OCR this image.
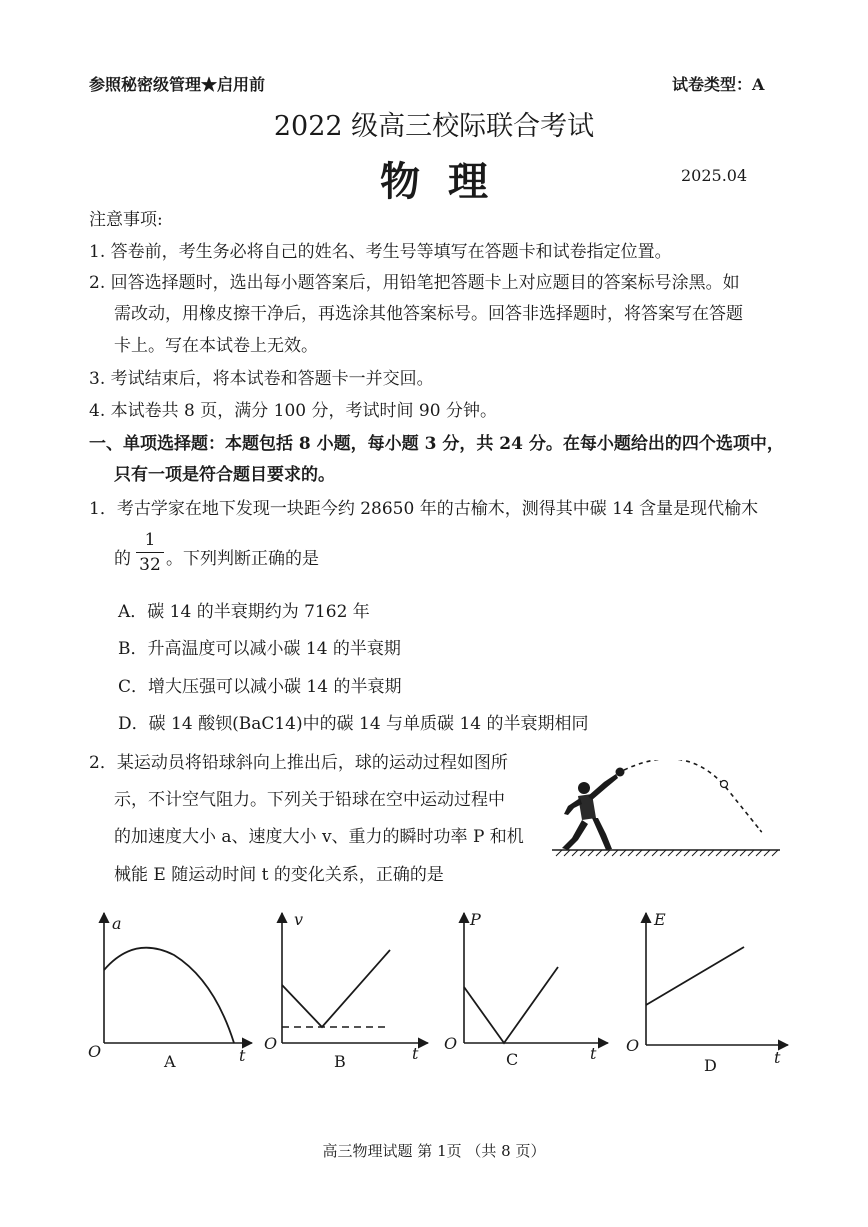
参照秘密级管理★启用前	试卷类型：A
2022 级高三校际联合考试
物理	2025.04
注意事项:
1. 答卷前，考生务必将自己的姓名、考生号等填写在答题卡和试卷指定位置。
2. 回答选择题时，选出每小题答案后，用铅笔把答题卡上对应题目的答案标号涂黑。如
需改动，用橡皮擦干净后，再选涂其他答案标号。回答非选择题时，将答案写在答题
卡上。写在本试卷上无效。
3. 考试结束后，将本试卷和答题卡一并交回。
4. 本试卷共 8 页，满分 100 分，考试时间 90 分钟。
一、单项选择题：本题包括 8 小题，每小题 3 分，共 24 分。在每小题给出的四个选项中，
只有一项是符合题目要求的。
1．考古学家在地下发现一块距今约 28650 年的古榆木，测得其中碳 14 含量是现代榆木
的
1
32 。下列判断正确的是
A．碳 14 的半衰期约为 7162 年
B．升高温度可以减小碳 14 的半衰期
C．增大压强可以减小碳 14 的半衰期
D．碳 14 酸钡(BaC14)中的碳 14 与单质碳 14 的半衰期相同
2．某运动员将铅球斜向上推出后，球的运动过程如图所
示，不计空气阻力。下列关于铅球在空中运动过程中
的加速度大小 a、速度大小 v、重力的瞬时功率 P 和机
械能 E 随运动时间 t 的变化关系，正确的是
a
t
O
A
v
t
O
B
P
t
O
C
E
t
O
D
高三物理试题 第 1页 （共 8 页）
